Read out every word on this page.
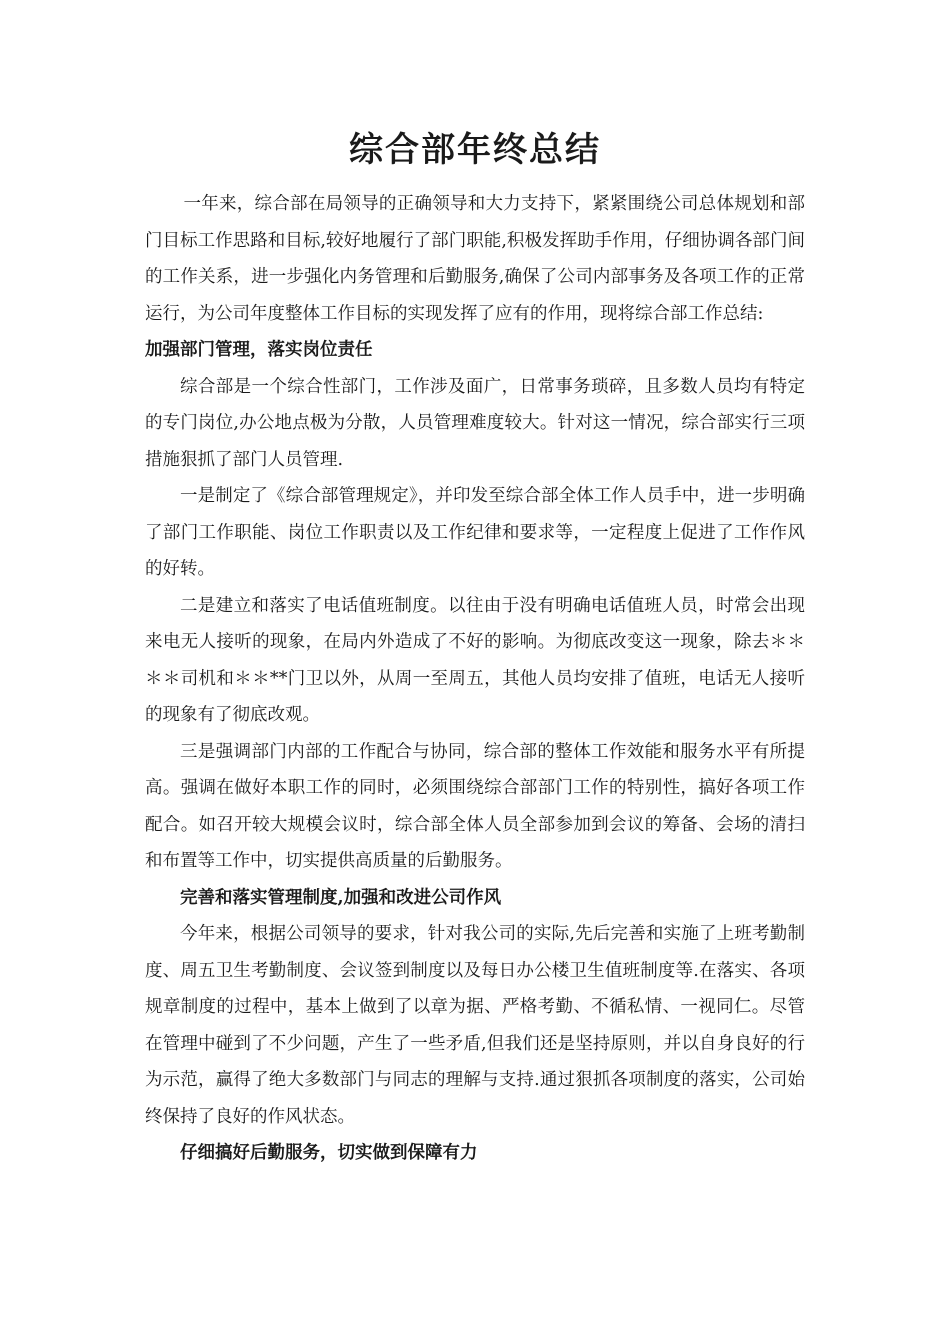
综合部年终总结

一年来，综合部在局领导的正确领导和大力支持下，紧紧围绕公司总体规划和部门目标工作思路和目标,较好地履行了部门职能,积极发挥助手作用，仔细协调各部门间的工作关系，进一步强化内务管理和后勤服务,确保了公司内部事务及各项工作的正常运行，为公司年度整体工作目标的实现发挥了应有的作用，现将综合部工作总结:

加强部门管理，落实岗位责任

综合部是一个综合性部门，工作涉及面广，日常事务琐碎，且多数人员均有特定的专门岗位,办公地点极为分散，人员管理难度较大。针对这一情况，综合部实行三项措施狠抓了部门人员管理.

一是制定了《综合部管理规定》，并印发至综合部全体工作人员手中，进一步明确了部门工作职能、岗位工作职责以及工作纪律和要求等，一定程度上促进了工作作风的好转。

二是建立和落实了电话值班制度。以往由于没有明确电话值班人员，时常会出现来电无人接听的现象，在局内外造成了不好的影响。为彻底改变这一现象，除去＊＊＊＊司机和＊＊**门卫以外，从周一至周五，其他人员均安排了值班，电话无人接听的现象有了彻底改观。

三是强调部门内部的工作配合与协同，综合部的整体工作效能和服务水平有所提高。强调在做好本职工作的同时，必须围绕综合部部门工作的特别性，搞好各项工作配合。如召开较大规模会议时，综合部全体人员全部参加到会议的筹备、会场的清扫和布置等工作中，切实提供高质量的后勤服务。

完善和落实管理制度,加强和改进公司作风

今年来，根据公司领导的要求，针对我公司的实际,先后完善和实施了上班考勤制度、周五卫生考勤制度、会议签到制度以及每日办公楼卫生值班制度等.在落实、各项规章制度的过程中，基本上做到了以章为据、严格考勤、不循私情、一视同仁。尽管在管理中碰到了不少问题，产生了一些矛盾,但我们还是坚持原则，并以自身良好的行为示范，赢得了绝大多数部门与同志的理解与支持.通过狠抓各项制度的落实，公司始终保持了良好的作风状态。

仔细搞好后勤服务，切实做到保障有力
